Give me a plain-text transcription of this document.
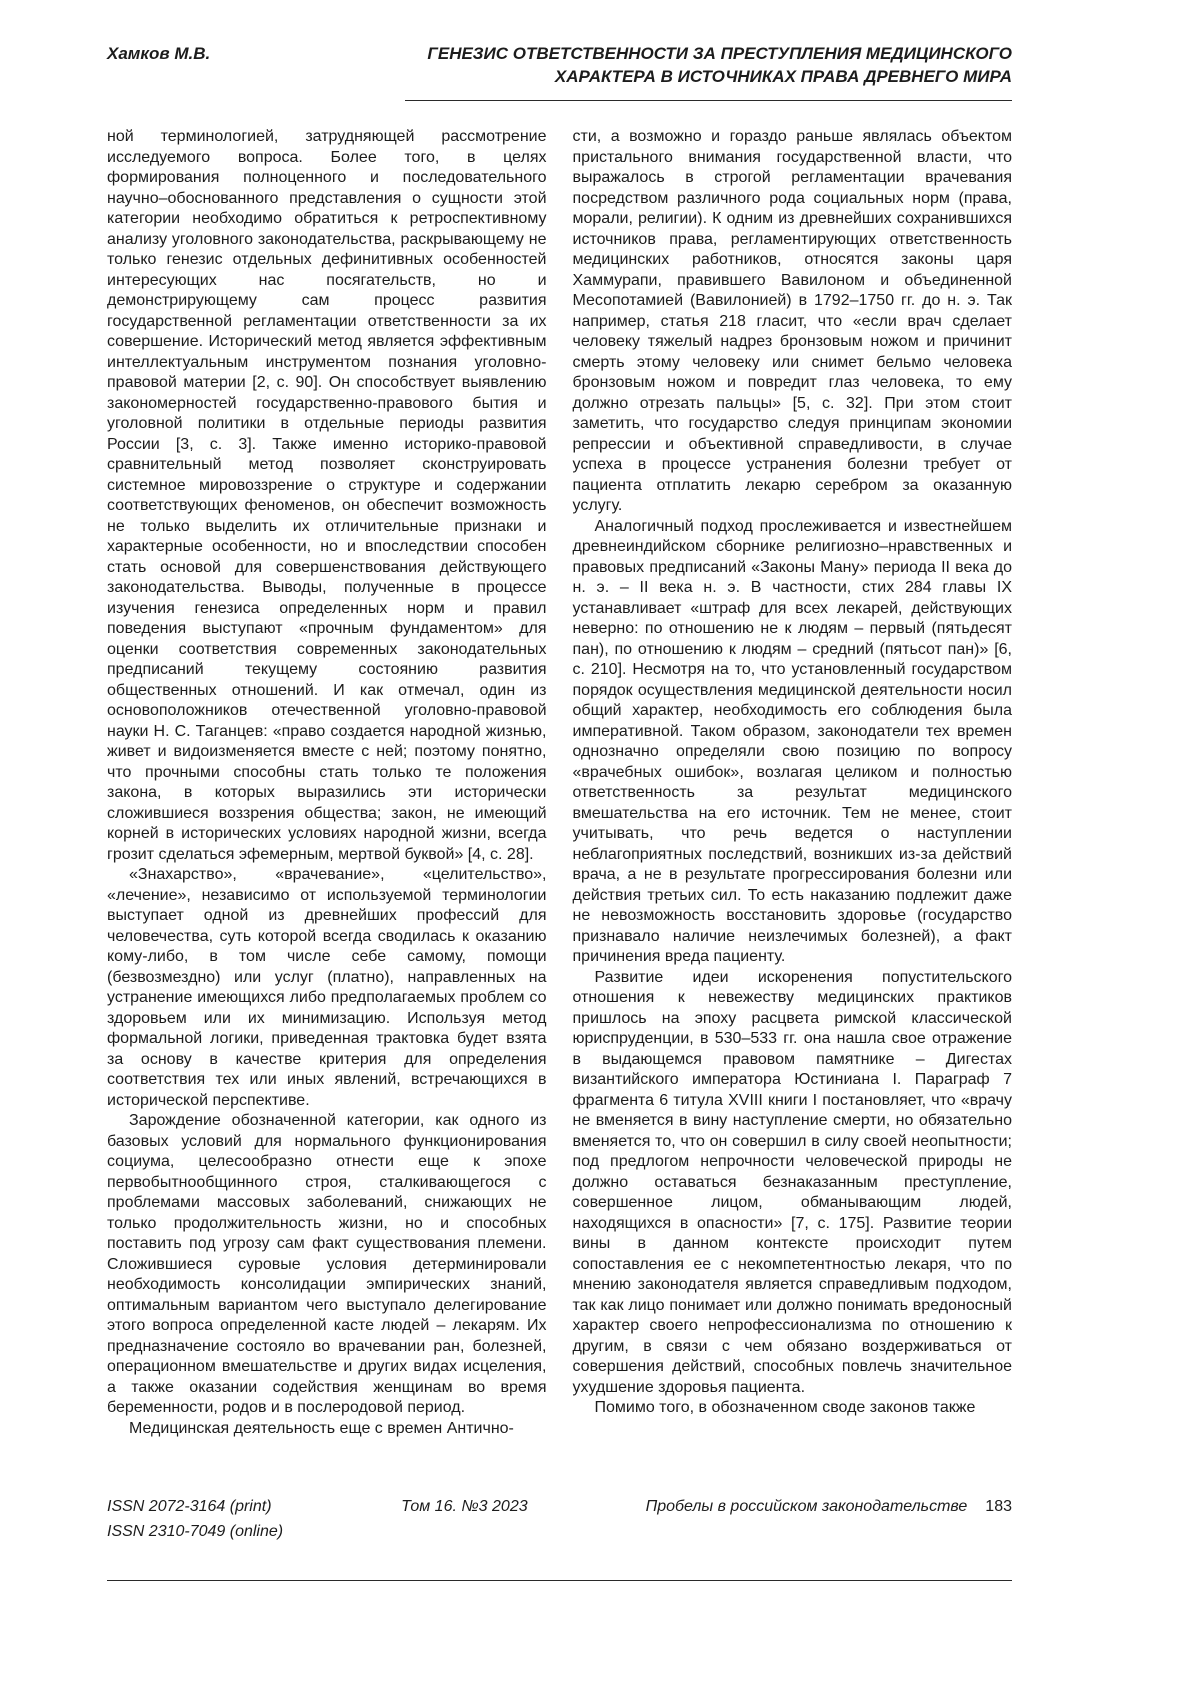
Хамков М.В.	ГЕНЕЗИС ОТВЕТСТВЕННОСТИ ЗА ПРЕСТУПЛЕНИЯ МЕДИЦИНСКОГО
ХАРАКТЕРА В ИСТОЧНИКАХ ПРАВА ДРЕВНЕГО МИРА

ной терминологией, затрудняющей рассмотрение исследуемого вопроса. Более того, в целях формирования полноценного и последовательного научно–обоснованного представления о сущности этой категории необходимо обратиться к ретроспективному анализу уголовного законодательства, раскрывающему не только генезис отдельных дефинитивных особенностей интересующих нас посягательств, но и демонстрирующему сам процесс развития государственной регламентации ответственности за их совершение. Исторический метод является эффективным интеллектуальным инструментом познания уголовно-правовой материи [2, с. 90]. Он способствует выявлению закономерностей государственно-правового бытия и уголовной политики в отдельные периоды развития России [3, с. 3]. Также именно историко-правовой сравнительный метод позволяет сконструировать системное мировоззрение о структуре и содержании соответствующих феноменов, он обеспечит возможность не только выделить их отличительные признаки и характерные особенности, но и впоследствии способен стать основой для совершенствования действующего законодательства. Выводы, полученные в процессе изучения генезиса определенных норм и правил поведения выступают «прочным фундаментом» для оценки соответствия современных законодательных предписаний текущему состоянию развития общественных отношений. И как отмечал, один из основоположников отечественной уголовно-правовой науки Н. С. Таганцев: «право создается народной жизнью, живет и видоизменяется вместе с ней; поэтому понятно, что прочными способны стать только те положения закона, в которых выразились эти исторически сложившиеся воззрения общества; закон, не имеющий корней в исторических условиях народной жизни, всегда грозит сделаться эфемерным, мертвой буквой» [4, с. 28].

«Знахарство», «врачевание», «целительство», «лечение», независимо от используемой терминологии выступает одной из древнейших профессий для человечества, суть которой всегда сводилась к оказанию кому-либо, в том числе себе самому, помощи (безвозмездно) или услуг (платно), направленных на устранение имеющихся либо предполагаемых проблем со здоровьем или их минимизацию. Используя метод формальной логики, приведенная трактовка будет взята за основу в качестве критерия для определения соответствия тех или иных явлений, встречающихся в исторической перспективе.

Зарождение обозначенной категории, как одного из базовых условий для нормального функционирования социума, целесообразно отнести еще к эпохе первобытнообщинного строя, сталкивающегося с проблемами массовых заболеваний, снижающих не только продолжительность жизни, но и способных поставить под угрозу сам факт существования племени. Сложившиеся суровые условия детерминировали необходимость консолидации эмпирических знаний, оптимальным вариантом чего выступало делегирование этого вопроса определенной касте людей – лекарям. Их предназначение состояло во врачевании ран, болезней, операционном вмешательстве и других видах исцеления, а также оказании содействия женщинам во время беременности, родов и в послеродовой период.

Медицинская деятельность еще с времен Антично-

сти, а возможно и гораздо раньше являлась объектом пристального внимания государственной власти, что выражалось в строгой регламентации врачевания посредством различного рода социальных норм (права, морали, религии). К одним из древнейших сохранившихся источников права, регламентирующих ответственность медицинских работников, относятся законы царя Хаммурапи, правившего Вавилоном и объединенной Месопотамией (Вавилонией) в 1792–1750 гг. до н. э. Так например, статья 218 гласит, что «если врач сделает человеку тяжелый надрез бронзовым ножом и причинит смерть этому человеку или снимет бельмо человека бронзовым ножом и повредит глаз человека, то ему должно отрезать пальцы» [5, с. 32]. При этом стоит заметить, что государство следуя принципам экономии репрессии и объективной справедливости, в случае успеха в процессе устранения болезни требует от пациента отплатить лекарю серебром за оказанную услугу.

Аналогичный подход прослеживается и известнейшем древнеиндийском сборнике религиозно–нравственных и правовых предписаний «Законы Ману» периода II века до н. э. – II века н. э. В частности, стих 284 главы IX устанавливает «штраф для всех лекарей, действующих неверно: по отношению не к людям – первый (пятьдесят пан), по отношению к людям – средний (пятьсот пан)» [6, с. 210]. Несмотря на то, что установленный государством порядок осуществления медицинской деятельности носил общий характер, необходимость его соблюдения была императивной. Таком образом, законодатели тех времен однозначно определяли свою позицию по вопросу «врачебных ошибок», возлагая целиком и полностью ответственность за результат медицинского вмешательства на его источник. Тем не менее, стоит учитывать, что речь ведется о наступлении неблагоприятных последствий, возникших из-за действий врача, а не в результате прогрессирования болезни или действия третьих сил. То есть наказанию подлежит даже не невозможность восстановить здоровье (государство признавало наличие неизлечимых болезней), а факт причинения вреда пациенту.

Развитие идеи искоренения попустительского отношения к невежеству медицинских практиков пришлось на эпоху расцвета римской классической юриспруденции, в 530–533 гг. она нашла свое отражение в выдающемся правовом памятнике – Дигестах византийского императора Юстиниана I. Параграф 7 фрагмента 6 титула XVIII книги I постановляет, что «врачу не вменяется в вину наступление смерти, но обязательно вменяется то, что он совершил в силу своей неопытности; под предлогом непрочности человеческой природы не должно оставаться безнаказанным преступление, совершенное лицом, обманывающим людей, находящихся в опасности» [7, с. 175]. Развитие теории вины в данном контексте происходит путем сопоставления ее с некомпетентностью лекаря, что по мнению законодателя является справедливым подходом, так как лицо понимает или должно понимать вредоносный характер своего непрофессионализма по отношению к другим, в связи с чем обязано воздерживаться от совершения действий, способных повлечь значительное ухудшение здоровья пациента.

Помимо того, в обозначенном своде законов также

ISSN 2072-3164 (print)
ISSN 2310-7049 (online)
Том 16. №3 2023	Пробелы в российском законодательстве 183
